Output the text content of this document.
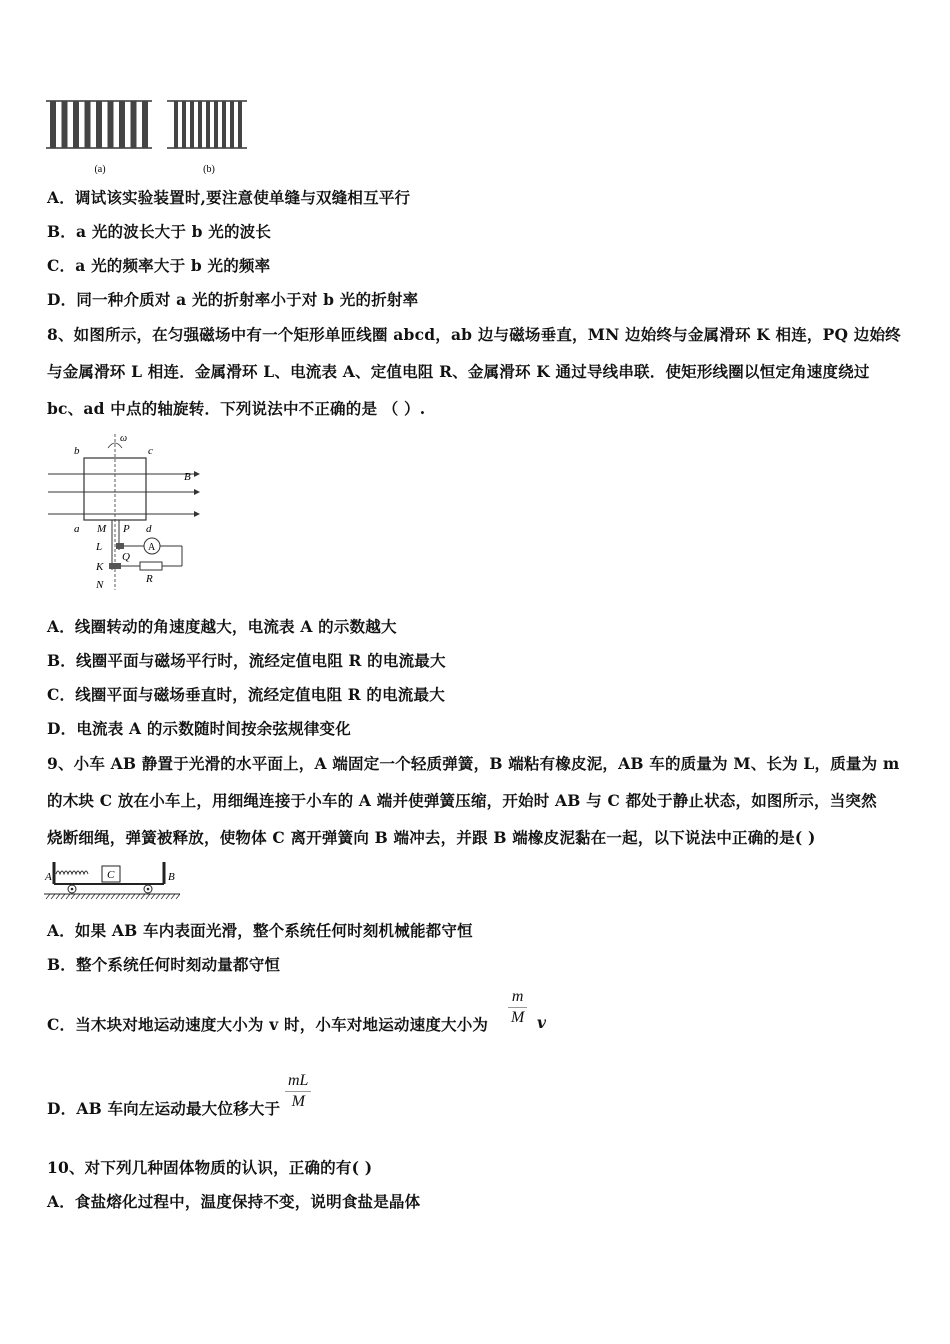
(a)	(b)
A．调试该实验装置时,要注意使单缝与双缝相互平行
B．a 光的波长大于 b 光的波长
C．a 光的频率大于 b 光的频率
D．同一种介质对 a 光的折射率小于对 b 光的折射率
8、如图所示，在匀强磁场中有一个矩形单匝线圈 abcd，ab 边与磁场垂直，MN 边始终与金属滑环 K 相连，PQ 边始终
与金属滑环 L 相连．金属滑环 L、电流表 A、定值电阻 R、金属滑环 K 通过导线串联．使矩形线圈以恒定角速度绕过
bc、ad 中点的轴旋转．下列说法中不正确的是 （ ）.
ω
b	c
B
a M P d
L
Q
A
K
R
N
A．线圈转动的角速度越大，电流表 A 的示数越大
B．线圈平面与磁场平行时，流经定值电阻 R 的电流最大
C．线圈平面与磁场垂直时，流经定值电阻 R 的电流最大
D．电流表 A 的示数随时间按余弦规律变化
9、小车 AB 静置于光滑的水平面上，A 端固定一个轻质弹簧，B 端粘有橡皮泥，AB 车的质量为 M、长为 L，质量为 m
的木块 C 放在小车上，用细绳连接于小车的 A 端并使弹簧压缩，开始时 AB 与 C 都处于静止状态，如图所示，当突然
烧断细绳，弹簧被释放，使物体 C 离开弹簧向 B 端冲去，并跟 B 端橡皮泥黏在一起，以下说法中正确的是( )
A	C	B
A．如果 AB 车内表面光滑，整个系统任何时刻机械能都守恒
B．整个系统任何时刻动量都守恒
C．当木块对地运动速度大小为 v 时，小车对地运动速度大小为
m
M v
D．AB 车向左运动最大位移大于
mL
M
10、对下列几种固体物质的认识，正确的有( )
A．食盐熔化过程中，温度保持不变，说明食盐是晶体
